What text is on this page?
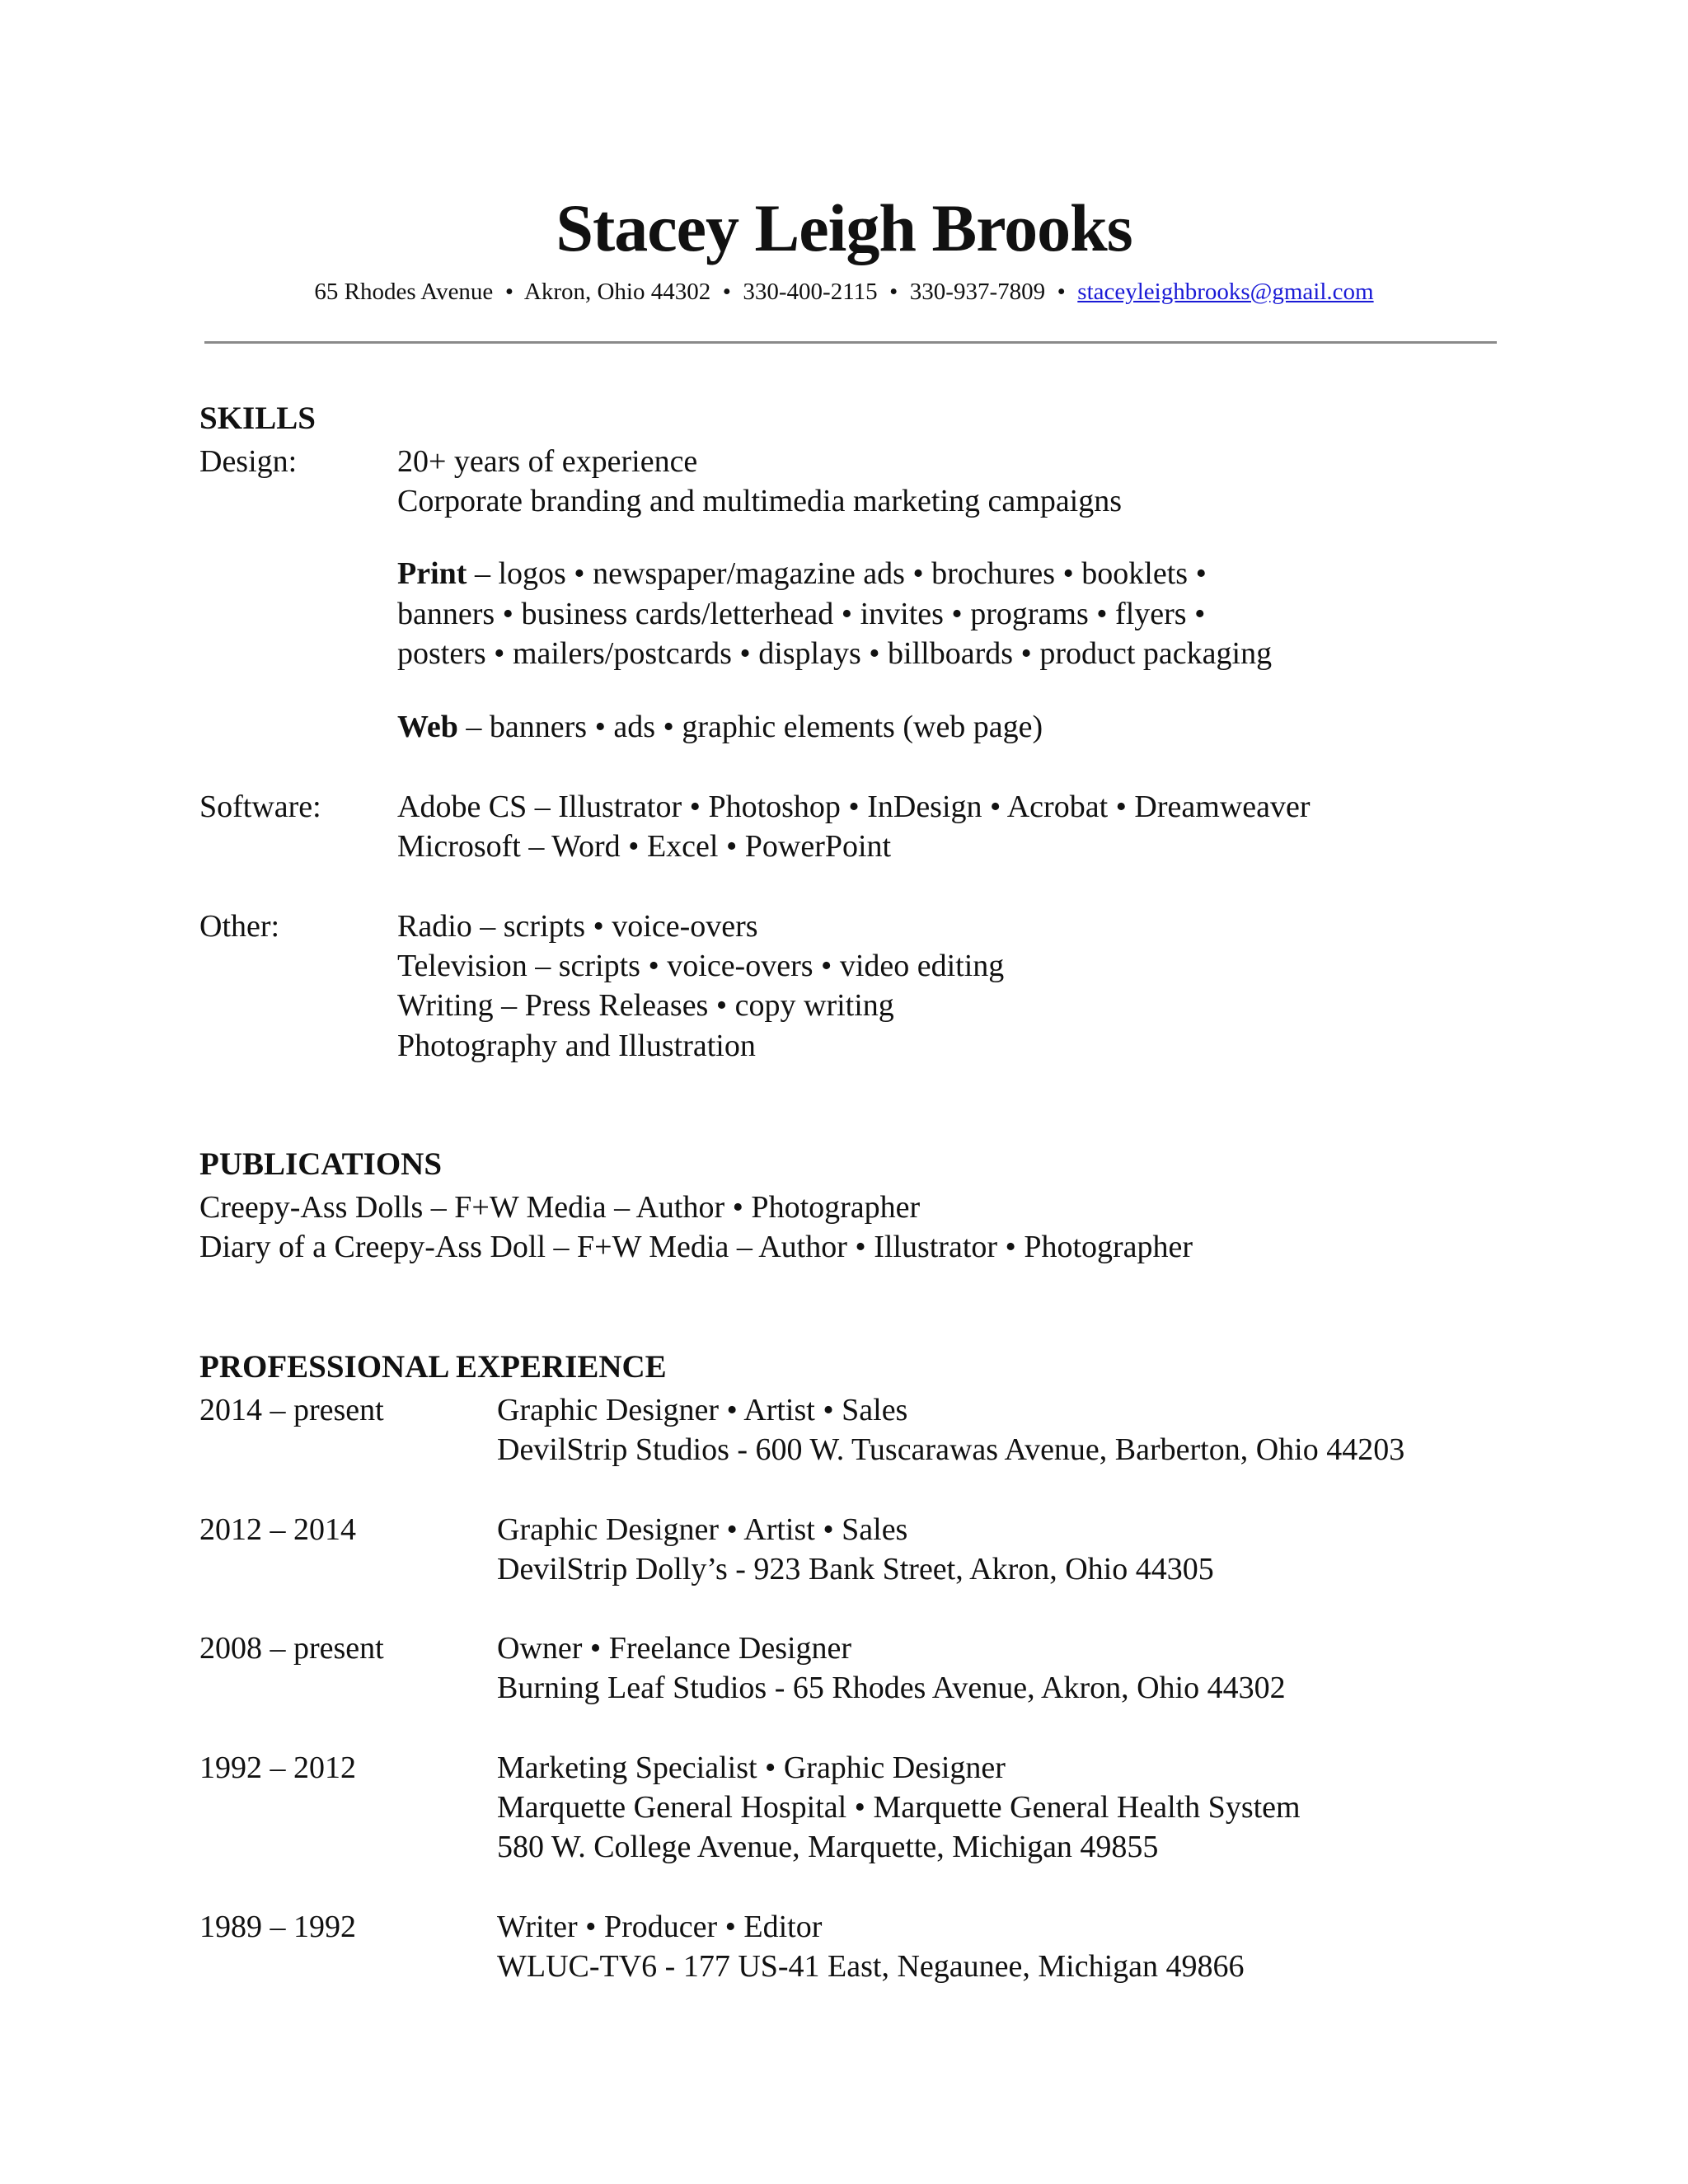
Stacey Leigh Brooks
65 Rhodes Avenue • Akron, Ohio 44302 • 330-400-2115 • 330-937-7809 • staceyleighbrooks@gmail.com
SKILLS
Design:	20+ years of experience
Corporate branding and multimedia marketing campaigns
Print – logos • newspaper/magazine ads • brochures • booklets •
banners • business cards/letterhead • invites • programs • flyers •
posters • mailers/postcards • displays • billboards • product packaging
Web – banners • ads • graphic elements (web page)
Software: Adobe CS – Illustrator • Photoshop • InDesign • Acrobat • Dreamweaver
Microsoft – Word • Excel • PowerPoint
Other:	Radio – scripts • voice-overs
Television – scripts • voice-overs • video editing
Writing – Press Releases • copy writing
Photography and Illustration
PUBLICATIONS
Creepy-Ass Dolls – F+W Media – Author • Photographer
Diary of a Creepy-Ass Doll – F+W Media – Author • Illustrator • Photographer
PROFESSIONAL EXPERIENCE
2014 – present	Graphic Designer • Artist • Sales
DevilStrip Studios - 600 W. Tuscarawas Avenue, Barberton, Ohio 44203
2012 – 2014	Graphic Designer • Artist • Sales
DevilStrip Dolly’s - 923 Bank Street, Akron, Ohio 44305
2008 – present	Owner • Freelance Designer
Burning Leaf Studios - 65 Rhodes Avenue, Akron, Ohio 44302
1992 – 2012	Marketing Specialist • Graphic Designer
Marquette General Hospital • Marquette General Health System
580 W. College Avenue, Marquette, Michigan 49855
1989 – 1992	Writer • Producer • Editor
WLUC-TV6 - 177 US-41 East, Negaunee, Michigan 49866
